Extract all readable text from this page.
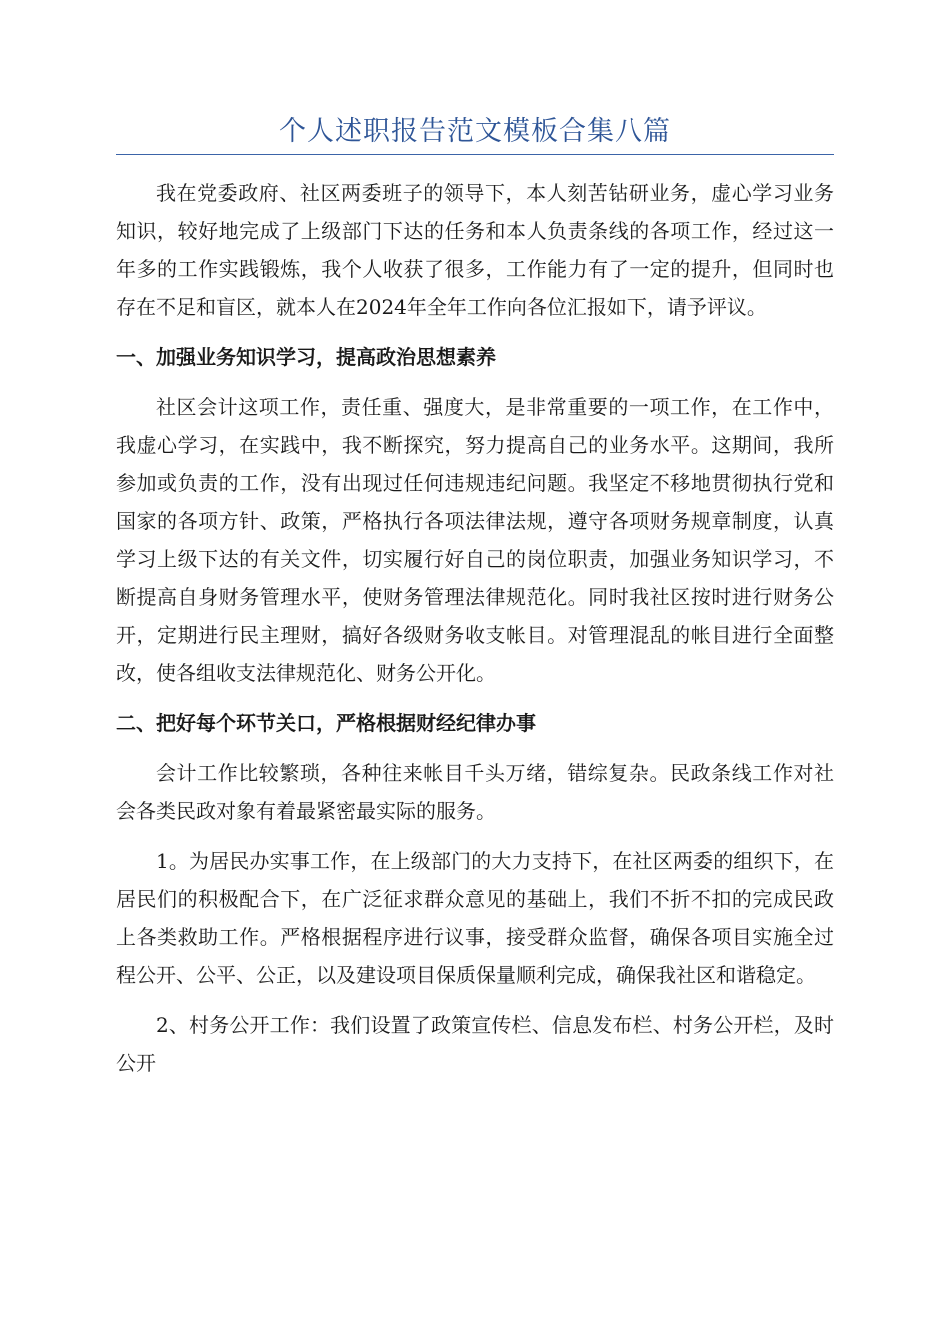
个人述职报告范文模板合集八篇

我在党委政府、社区两委班子的领导下，本人刻苦钻研业务，虚心学习业务知识，较好地完成了上级部门下达的任务和本人负责条线的各项工作，经过这一年多的工作实践锻炼，我个人收获了很多，工作能力有了一定的提升，但同时也存在不足和盲区，就本人在2024年全年工作向各位汇报如下，请予评议。

一、加强业务知识学习，提高政治思想素养

社区会计这项工作，责任重、强度大，是非常重要的一项工作，在工作中，我虚心学习，在实践中，我不断探究，努力提高自己的业务水平。这期间，我所参加或负责的工作，没有出现过任何违规违纪问题。我坚定不移地贯彻执行党和国家的各项方针、政策，严格执行各项法律法规，遵守各项财务规章制度，认真学习上级下达的有关文件，切实履行好自己的岗位职责，加强业务知识学习，不断提高自身财务管理水平，使财务管理法律规范化。同时我社区按时进行财务公开，定期进行民主理财，搞好各级财务收支帐目。对管理混乱的帐目进行全面整改，使各组收支法律规范化、财务公开化。

二、把好每个环节关口，严格根据财经纪律办事

会计工作比较繁琐，各种往来帐目千头万绪，错综复杂。民政条线工作对社会各类民政对象有着最紧密最实际的服务。

1。为居民办实事工作，在上级部门的大力支持下，在社区两委的组织下，在居民们的积极配合下，在广泛征求群众意见的基础上，我们不折不扣的完成民政上各类救助工作。严格根据程序进行议事，接受群众监督，确保各项目实施全过程公开、公平、公正，以及建设项目保质保量顺利完成，确保我社区和谐稳定。

2、村务公开工作：我们设置了政策宣传栏、信息发布栏、村务公开栏，及时公开
